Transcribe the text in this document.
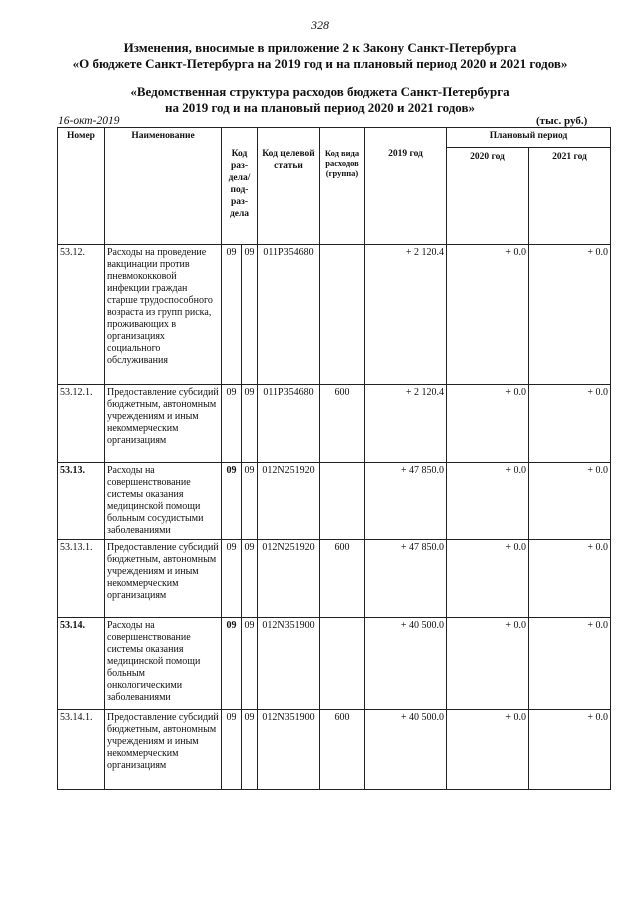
328
Изменения, вносимые в приложение 2 к Закону Санкт-Петербурга
«О бюджете Санкт-Петербурга на 2019 год и на плановый период 2020 и 2021 годов»
«Ведомственная структура расходов бюджета Санкт-Петербурга
на 2019 год и на плановый период 2020 и 2021 годов»
16-окт-2019	(тыс. руб.)
Номер	Наименование	Код раз- дела/ под- раз- дела		Код целевой статьи	Код вида расходов (группа)	2019 год	Плановый период	
							2020 год	2021 год
53.12.	Расходы на проведение вакцинации против пневмококковой инфекции граждан старше трудоспособного возраста из групп риска, проживающих в организациях социального обслуживания	09	09	011P354680		+ 2 120.4	+ 0.0	+ 0.0
53.12.1.	Предоставление субсидий бюджетным, автономным учреждениям и иным некоммерческим организациям	09	09	011P354680	600	+ 2 120.4	+ 0.0	+ 0.0
53.13.	Расходы на совершенствование системы оказания медицинской помощи больным сосудистыми заболеваниями	09	09	012N251920		+ 47 850.0	+ 0.0	+ 0.0
53.13.1.	Предоставление субсидий бюджетным, автономным учреждениям и иным некоммерческим организациям	09	09	012N251920	600	+ 47 850.0	+ 0.0	+ 0.0
53.14.	Расходы на совершенствование системы оказания медицинской помощи больным онкологическими заболеваниями	09	09	012N351900		+ 40 500.0	+ 0.0	+ 0.0
53.14.1.	Предоставление субсидий бюджетным, автономным учреждениям и иным некоммерческим организациям	09	09	012N351900	600	+ 40 500.0	+ 0.0	+ 0.0
